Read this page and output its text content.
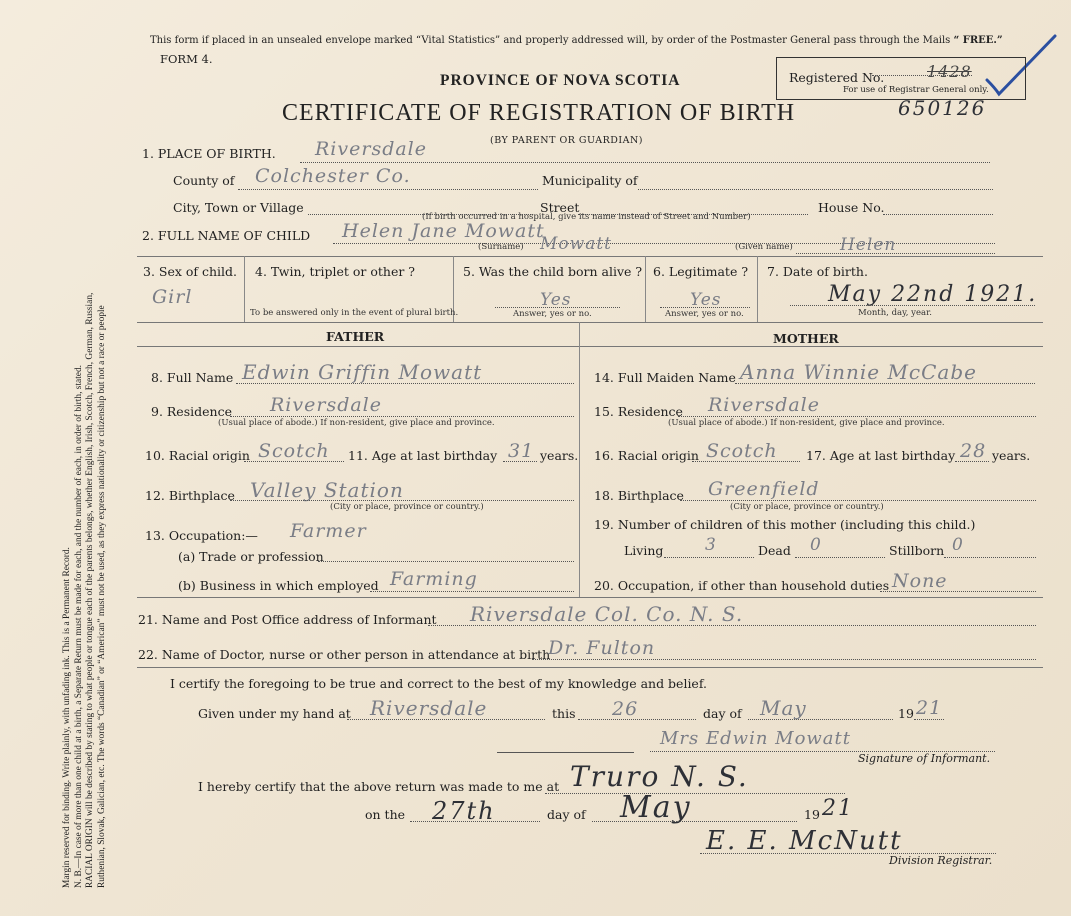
Margin reserved for binding. Write plainly, with unfading ink. This is a Permanent Record. N. B.—In case of more than one child at a birth, a Separate Return must be made for each, and the number of each, in order of birth, stated. RACIAL ORIGIN will be described by stating to what people or tongue each of the parents belongs, whether English, Irish, Scotch, French, German, Russian, Ruthenian, Slovak, Galician, etc. The words “Canadian” or “American” must not be used, as they express nationality or citizenship but not a race or people
This form if placed in an unsealed envelope marked “Vital Statistics” and properly addressed will, by order of the Postmaster General pass through the Mails “ FREE.”
FORM 4.
PROVINCE OF NOVA SCOTIA
CERTIFICATE OF REGISTRATION OF BIRTH
(BY PARENT OR GUARDIAN)
Registered No.	1428
For use of Registrar General only.
650126
1. PLACE OF BIRTH. Riversdale
County of Colchester Co.	Municipality of
City, Town or Village	Street	House No.
(If birth occurred in a hospital, give its name instead of Street and Number)
2. FULL NAME OF CHILD Helen Jane Mowatt
(Surname) Mowatt	(Given name)	Helen
3. Sex of child.
Girl
4. Twin, triplet or other ?
To be answered only in the event of plural birth.
5. Was the child born alive ?
Yes
Answer, yes or no.
6. Legitimate ?
Yes
Answer, yes or no.
7. Date of birth.
May 22nd 1921.
Month, day, year.
FATHER	MOTHER
8. Full Name Edwin Griffin Mowatt
9. Residence Riversdale
(Usual place of abode.) If non-resident, give place and province.
10. Racial origin Scotch 11. Age at last birthday 31 years.
12. Birthplace Valley Station
(City or place, province or country.)
13. Occupation:— Farmer
(a) Trade or profession
(b) Business in which employed Farming
14. Full Maiden Name Anna Winnie McCabe
15. Residence Riversdale
(Usual place of abode.) If non-resident, give place and province.
16. Racial origin Scotch 17. Age at last birthday 28 years.
18. Birthplace Greenfield
(City or place, province or country.)
19. Number of children of this mother (including this child.)
Living 3	Dead 0	Stillborn 0
20. Occupation, if other than household duties None
21. Name and Post Office address of Informant Riversdale Col. Co. N. S.
22. Name of Doctor, nurse or other person in attendance at birth
Dr. Fulton
I certify the foregoing to be true and correct to the best of my knowledge and belief.
Given under my hand at Riversdale	this 26	day of May	19 21
Mrs Edwin Mowatt
Signature of Informant.
I hereby certify that the above return was made to me at Truro N. S.
on the 27th	day of May	19 21
E. E. McNutt
Division Registrar.
